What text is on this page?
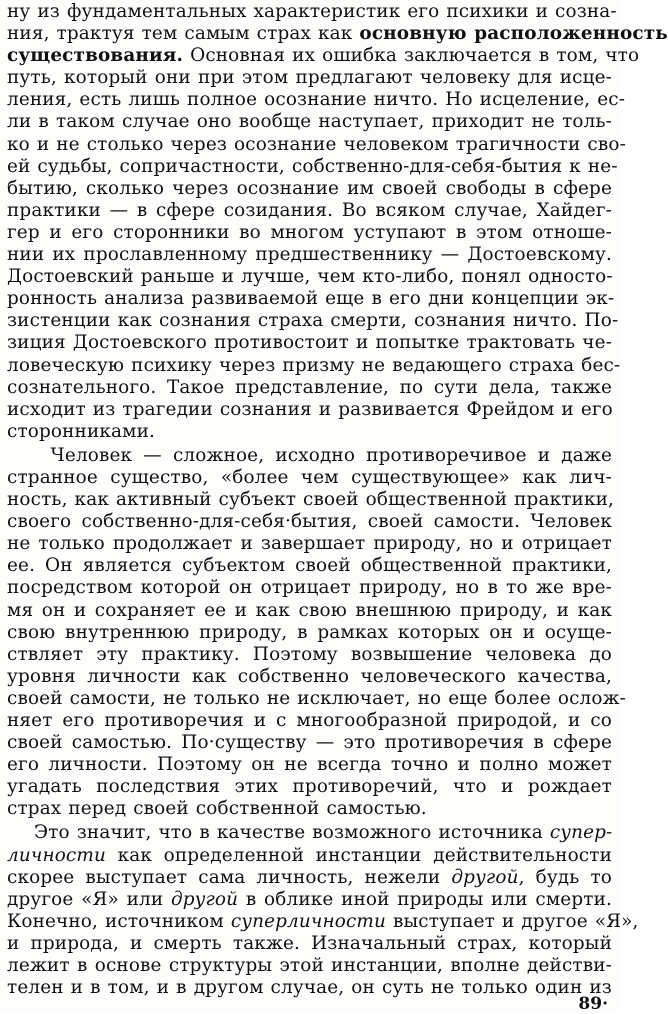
ну из фундаментальных характеристик его психики и созна-
ния, трактуя тем самым страх как основную расположенность
существования. Основная их ошибка заключается в том, что
путь, который они при этом предлагают человеку для исце-
ления, есть лишь полное осознание ничто. Но исцеление, ес-
ли в таком случае оно вообще наступает, приходит не толь-
ко и не столько через осознание человеком трагичности сво-
ей судьбы, сопричастности, собственно-для-себя-бытия к не-
бытию, сколько через осознание им своей свободы в сфере
практики — в сфере созидания. Во всяком случае, Хайдег-
гер и его сторонники во многом уступают в этом отноше-
нии их прославленному предшественнику — Достоевскому.
Достоевский раньше и лучше, чем кто-либо, понял односто-
ронность анализа развиваемой еще в его дни концепции эк-
зистенции как сознания страха смерти, сознания ничто. По-
зиция Достоевского противостоит и попытке трактовать че-
ловеческую психику через призму не ведающего страха бес-
сознательного. Такое представление, по сути дела, также
исходит из трагедии сознания и развивается Фрейдом и его
сторонниками.
Человек — сложное, исходно противоречивое и даже
странное существо, «более чем существующее» как лич-
ность, как активный субъект своей общественной практики,
своего собственно-для-себя·бытия, своей самости. Человек
не только продолжает и завершает природу, но и отрицает
ее. Он является субъектом своей общественной практики,
посредством которой он отрицает природу, но в то же вре-
мя он и сохраняет ее и как свою внешнюю природу, и как
свою внутреннюю природу, в рамках которых он и осуще-
ствляет эту практику. Поэтому возвышение человека до
уровня личности как собственно человеческого качества,
своей самости, не только не исключает, но еще более ослож-
няет его противоречия и с многообразной природой, и со
своей самостью. По·существу — это противоречия в сфере
его личности. Поэтому он не всегда точно и полно может
угадать последствия этих противоречий, что и рождает
страх перед своей собственной самостью.
Это значит, что в качестве возможного источника супер-
личности как определенной инстанции действительности
скорее выступает сама личность, нежели другой, будь то
другое «Я» или другой в облике иной природы или смерти.
Конечно, источником суперличности выступает и другое «Я»,
и природа, и смерть также. Изначальный страх, который
лежит в основе структуры этой инстанции, вполне действи-
телен и в том, и в другом случае, он суть не только один из
89·
